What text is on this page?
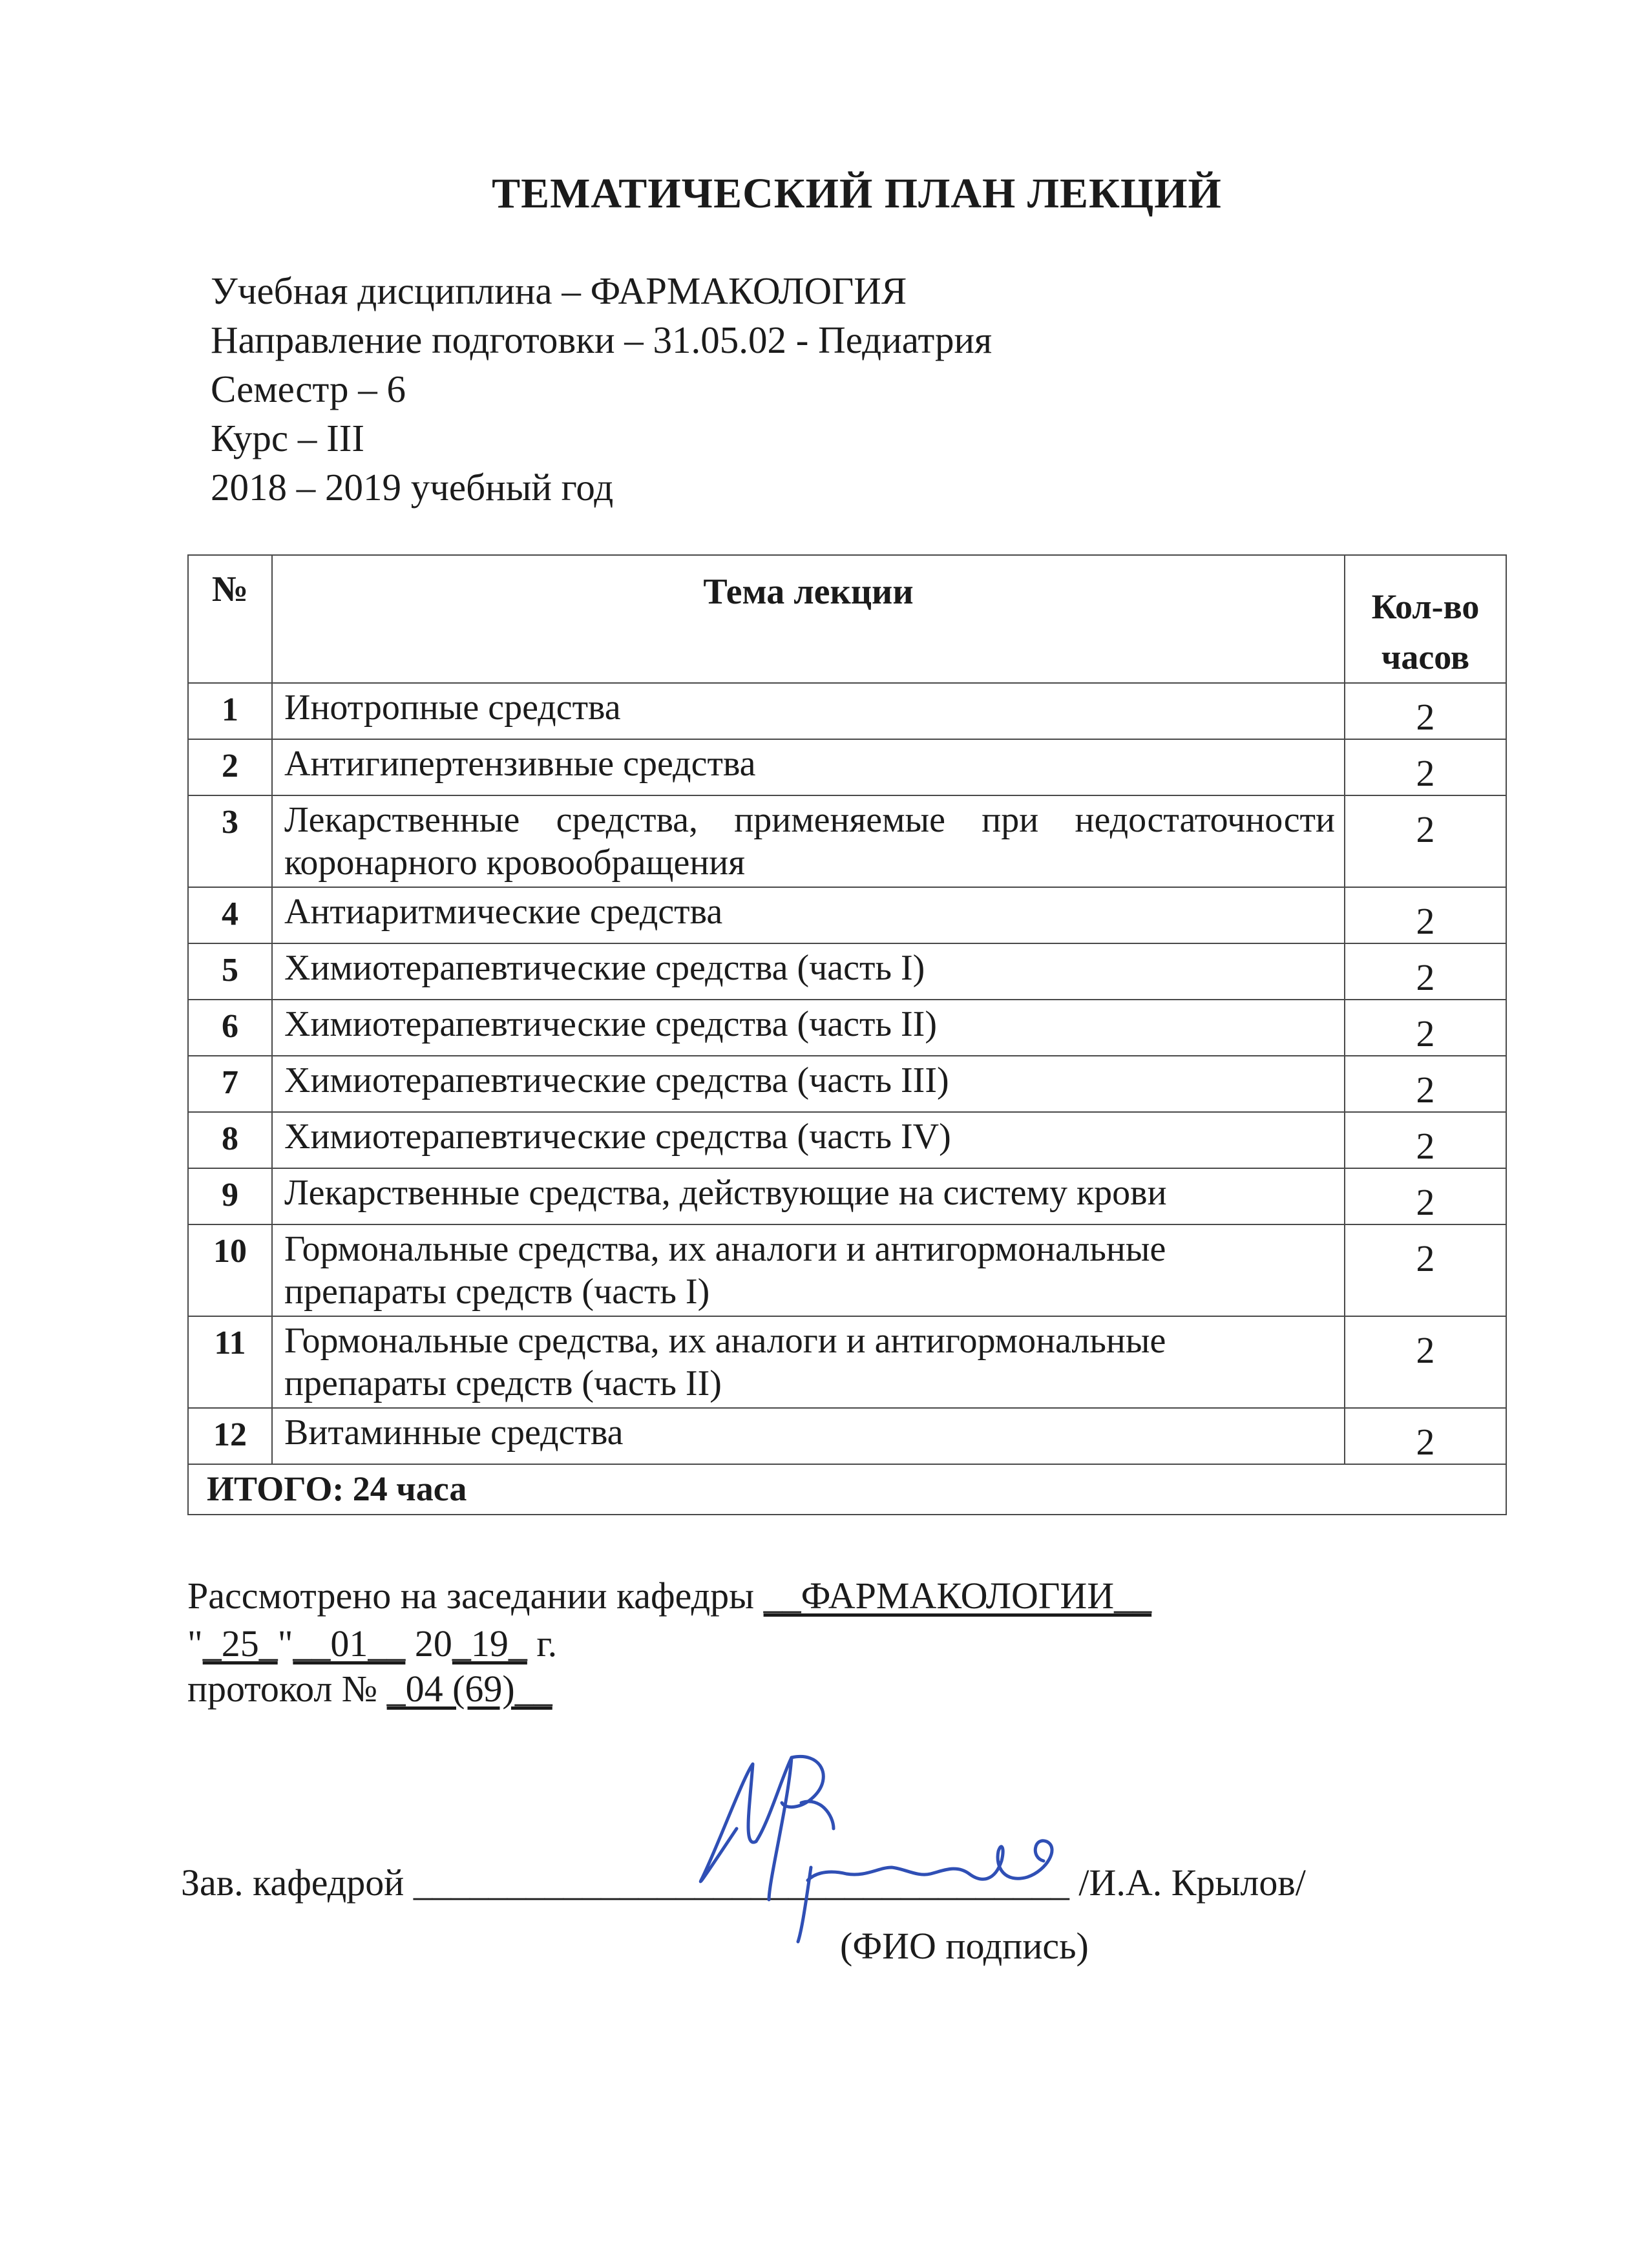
ТЕМАТИЧЕСКИЙ ПЛАН ЛЕКЦИЙ
Учебная дисциплина – ФАРМАКОЛОГИЯ
Направление подготовки – 31.05.02 - Педиатрия
Семестр – 6
Курс – III
2018 – 2019 учебный год
№	Тема лекции	Кол-во
часов

1	Инотропные средства	2
2	Антигипертензивные средства	2
3	Лекарственные средства, применяемые при недостаточности коронарного кровообращения	2
4	Антиаритмические средства	2
5	Химиотерапевтические средства (часть I)	2
6	Химиотерапевтические средства (часть II)	2
7	Химиотерапевтические средства (часть III)	2
8	Химиотерапевтические средства (часть IV)	2
9	Лекарственные средства, действующие на систему крови	2
10	Гормональные средства, их аналоги и антигормональные препараты средств (часть I)	2
11	Гормональные средства, их аналоги и антигормональные препараты средств (часть II)	2
12	Витаминные средства	2
ИТОГО: 24 часа		
Рассмотрено на заседании кафедры __ФАРМАКОЛОГИИ__
"_25_"__01__ 20_19_ г.
протокол № _04 (69)__
Зав. кафедрой ___________________________________ /И.А. Крылов/
(ФИО подпись)
